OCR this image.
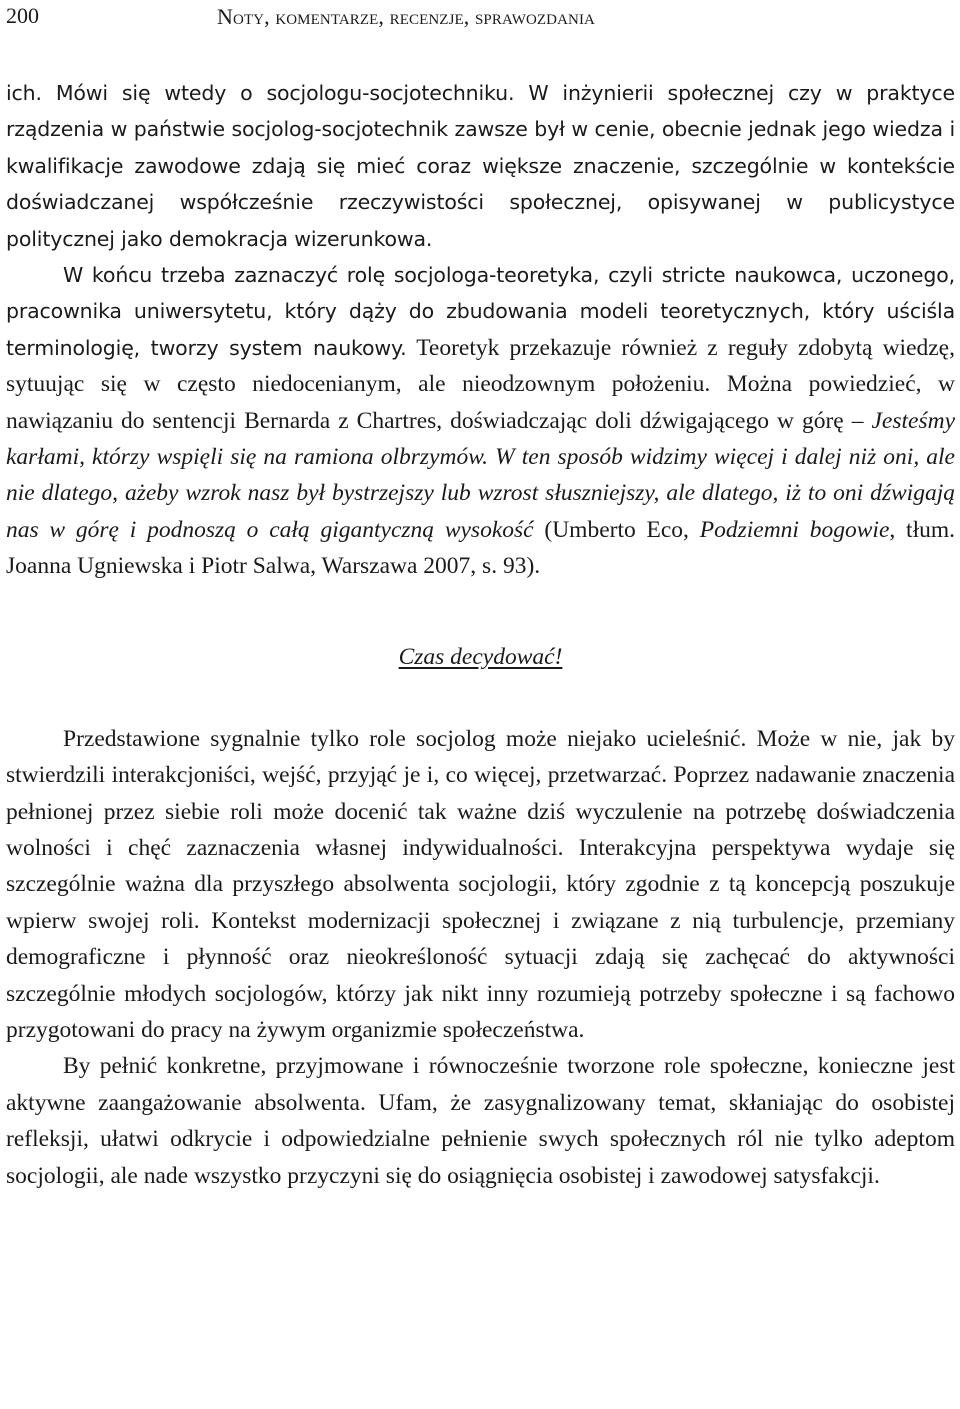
200	Noty, komentarze, recenzje, sprawozdania

ich. Mówi się wtedy o socjologu-socjotechniku. W inżynierii społecznej czy w praktyce rządzenia w państwie socjolog-socjotechnik zawsze był w cenie, obecnie jednak jego wiedza i kwalifikacje zawodowe zdają się mieć coraz większe znaczenie, szczególnie w kontekście doświadczanej współcześnie rzeczywistości społecznej, opisywanej w publicystyce politycznej jako demokracja wizerunkowa.

W końcu trzeba zaznaczyć rolę socjologa-teoretyka, czyli stricte naukowca, uczonego, pracownika uniwersytetu, który dąży do zbudowania modeli teoretycznych, który uściśla terminologię, tworzy system naukowy. Teoretyk przekazuje również z reguły zdobytą wiedzę, sytuując się w często niedocenianym, ale nieodzownym położeniu. Można powiedzieć, w nawiązaniu do sentencji Bernarda z Chartres, doświadczając doli dźwigającego w górę – Jesteśmy karłami, którzy wspięli się na ramiona olbrzymów. W ten sposób widzimy więcej i dalej niż oni, ale nie dlatego, ażeby wzrok nasz był bystrzejszy lub wzrost słuszniejszy, ale dlatego, iż to oni dźwigają nas w górę i podnoszą o całą gigantyczną wysokość (Umberto Eco, Podziemni bogowie, tłum. Joanna Ugniewska i Piotr Salwa, Warszawa 2007, s. 93).

Czas decydować!

Przedstawione sygnalnie tylko role socjolog może niejako ucieleśnić. Może w nie, jak by stwierdzili interakcjoniści, wejść, przyjąć je i, co więcej, przetwarzać. Poprzez nadawanie znaczenia pełnionej przez siebie roli może docenić tak ważne dziś wyczulenie na potrzebę doświadczenia wolności i chęć zaznaczenia własnej indywidualności. Interakcyjna perspektywa wydaje się szczególnie ważna dla przyszłego absolwenta socjologii, który zgodnie z tą koncepcją poszukuje wpierw swojej roli. Kontekst modernizacji społecznej i związane z nią turbulencje, przemiany demograficzne i płynność oraz nieokreśloność sytuacji zdają się zachęcać do aktywności szczególnie młodych socjologów, którzy jak nikt inny rozumieją potrzeby społeczne i są fachowo przygotowani do pracy na żywym organizmie społeczeństwa.

By pełnić konkretne, przyjmowane i równocześnie tworzone role społeczne, konieczne jest aktywne zaangażowanie absolwenta. Ufam, że zasygnalizowany temat, skłaniając do osobistej refleksji, ułatwi odkrycie i odpowiedzialne pełnienie swych społecznych ról nie tylko adeptom socjologii, ale nade wszystko przyczyni się do osiągnięcia osobistej i zawodowej satysfakcji.
